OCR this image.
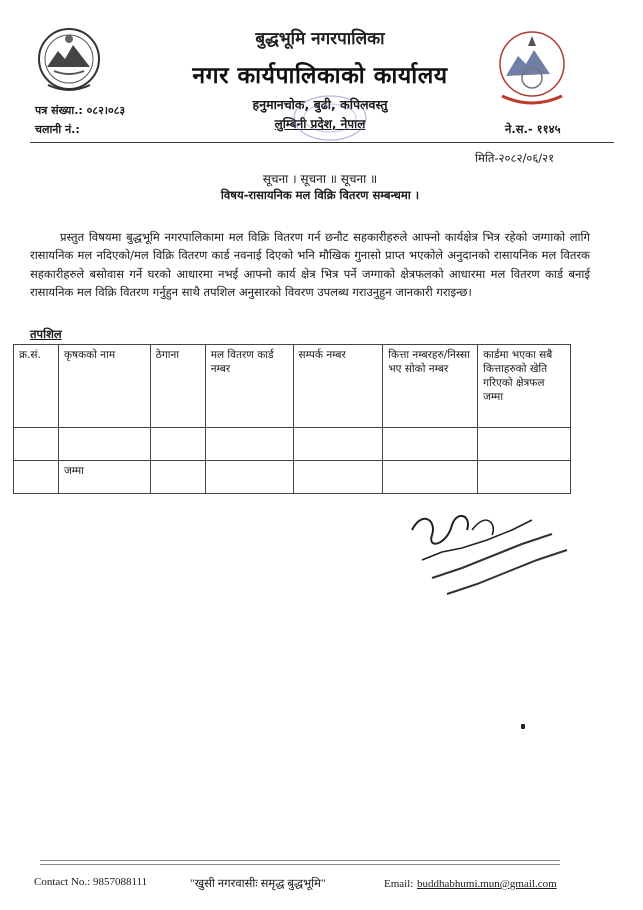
बुद्धभूमि नगरपालिका
नगर कार्यपालिकाको कार्यालय
हनुमानचोक, बुढी, कपिलवस्तु
लुम्बिनी प्रदेश, नेपाल
पत्र संख्या.: ०८२।०८३
चलानी नं.:	ने.स.- ११४५
मिति-२०८२/०६/२१
सूचना । सूचना ॥ सूचना ॥
विषय-रासायनिक मल विक्रि वितरण सम्बन्धमा ।
प्रस्तुत विषयमा बुद्धभूमि नगरपालिकामा मल विक्रि वितरण गर्न छनौट सहकारीहरुले आफ्नो कार्यक्षेत्र भित्र रहेको जग्गाको लागि रासायनिक मल नदिएको/मल विक्रि वितरण कार्ड नवनाई दिएको भनि मौखिक गुनासो प्राप्त भएकोले अनुदानको रासायनिक मल वितरक सहकारीहरुले बसोवास गर्ने घरको आधारमा नभई आफ्नो कार्य क्षेत्र भित्र पर्ने जग्गाको क्षेत्रफलको आधारमा मल वितरण कार्ड बनाई रासायनिक मल विक्रि वितरण गर्नुहुन साथै तपशिल अनुसारको विवरण उपलब्ध गराउनुहुन जानकारी गराइन्छ।
तपशिल
क्र.सं.	कृषकको नाम	ठेगाना	मल वितरण कार्ड नम्बर	सम्पर्क नम्बर	कित्ता नम्बरहरु/निस्सा भए सोको नम्बर	कार्डमा भएका सबै कित्ताहरुको खेति गरिएको क्षेत्रफल जम्मा

	जम्मा					
Contact No.: 9857088111	"खुसी नगरवासीः समृद्ध बुद्धभूमि"	Email: buddhabhumi.mun@gmail.com
